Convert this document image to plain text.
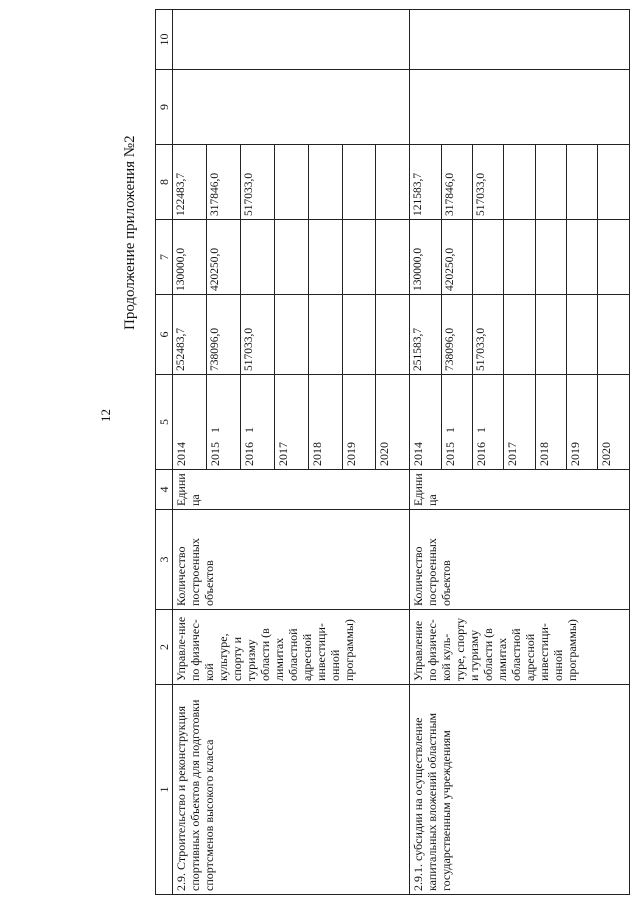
12
Продолжение приложения №2
1	2	3	4	5	6	7	8	9	10
2.9. Строительство и реконструкция спортивных объектов для подготовки спортсменов высокого класса	Управле-ние по физичес-кой культуре, спорту и туризму области (в лимитах областной адресной инвестици-онной программы)	Количество построенных объектов	Едини ца	2014	252483,7	130000,0	122483,7		
				2015   1	738096,0	420250,0	317846,0		
				2016   1	517033,0		517033,0		
				2017					
				2018					
				2019					
				2020					
2.9.1. субсидии на осуществление капитальных вложений областным государственным учреждениям	Управление по физичес-кой куль-туре, спорту и туризму области (в лимитах областной адресной инвестици-онной программы)	Количество построенных объектов	Едини ца	2014	251583,7	130000,0	121583,7		
				2015   1	738096,0	420250,0	317846,0		
				2016   1	517033,0		517033,0		
				2017					
				2018					
				2019					
				2020					
